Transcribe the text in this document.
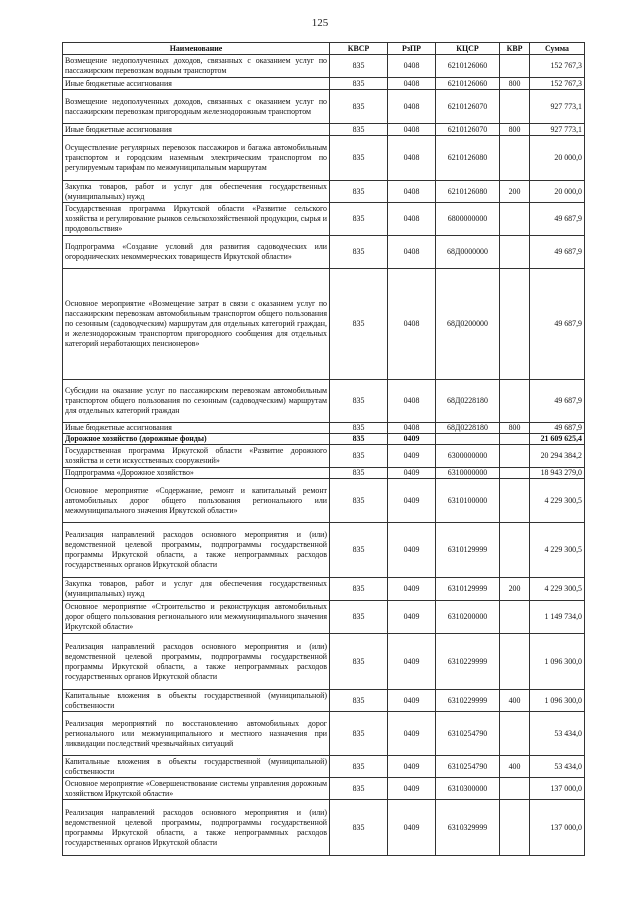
125
Наименование	КВСР	РзПР	КЦСР	КВР	Сумма
Возмещение недополученных доходов, связанных с оказанием услуг по пассажирским перевозкам водным транспортом	835	0408	6210126060		152 767,3
Иные бюджетные ассигнования	835	0408	6210126060	800	152 767,3
Возмещение недополученных доходов, связанных с оказанием услуг по пассажирским перевозкам пригородным железнодорожным транспортом	835	0408	6210126070		927 773,1
Иные бюджетные ассигнования	835	0408	6210126070	800	927 773,1
Осуществление регулярных перевозок пассажиров и багажа автомобильным транспортом и городским наземным электрическим транспортом по регулируемым тарифам по межмуниципальным маршрутам	835	0408	6210126080		20 000,0
Закупка товаров, работ и услуг для обеспечения государственных (муниципальных) нужд	835	0408	6210126080	200	20 000,0
Государственная программа Иркутской области «Развитие сельского хозяйства и регулирование рынков сельскохозяйственной продукции, сырья и продовольствия»	835	0408	6800000000		49 687,9
Подпрограмма «Создание условий для развития садоводческих или огороднических некоммерческих товариществ Иркутской области»	835	0408	68Д0000000		49 687,9
Основное мероприятие «Возмещение затрат в связи с оказанием услуг по пассажирским перевозкам автомобильным транспортом общего пользования по сезонным (садоводческим) маршрутам для отдельных категорий граждан, и железнодорожным транспортом пригородного сообщения для отдельных категорий неработающих пенсионеров»	835	0408	68Д0200000		49 687,9
Субсидии на оказание услуг по пассажирским перевозкам автомобильным транспортом общего пользования по сезонным (садоводческим) маршрутам для отдельных категорий граждан	835	0408	68Д0228180		49 687,9
Иные бюджетные ассигнования	835	0408	68Д0228180	800	49 687,9
Дорожное хозяйство (дорожные фонды)	835	0409			21 609 625,4
Государственная программа Иркутской области «Развитие дорожного хозяйства и сети искусственных сооружений»	835	0409	6300000000		20 294 384,2
Подпрограмма «Дорожное хозяйство»	835	0409	6310000000		18 943 279,0
Основное мероприятие «Содержание, ремонт и капитальный ремонт автомобильных дорог общего пользования регионального или межмуниципального значения Иркутской области»	835	0409	6310100000		4 229 300,5
Реализация направлений расходов основного мероприятия и (или) ведомственной целевой программы, подпрограммы государственной программы Иркутской области, а также непрограммных расходов государственных органов Иркутской области	835	0409	6310129999		4 229 300,5
Закупка товаров, работ и услуг для обеспечения государственных (муниципальных) нужд	835	0409	6310129999	200	4 229 300,5
Основное мероприятие «Строительство и реконструкция автомобильных дорог общего пользования регионального или межмуниципального значения Иркутской области»	835	0409	6310200000		1 149 734,0
Реализация направлений расходов основного мероприятия и (или) ведомственной целевой программы, подпрограммы государственной программы Иркутской области, а также непрограммных расходов государственных органов Иркутской области	835	0409	6310229999		1 096 300,0
Капитальные вложения в объекты государственной (муниципальной) собственности	835	0409	6310229999	400	1 096 300,0
Реализация мероприятий по восстановлению автомобильных дорог регионального или межмуниципального и местного назначения при ликвидации последствий чрезвычайных ситуаций	835	0409	6310254790		53 434,0
Капитальные вложения в объекты государственной (муниципальной) собственности	835	0409	6310254790	400	53 434,0
Основное мероприятие «Совершенствование системы управления дорожным хозяйством Иркутской области»	835	0409	6310300000		137 000,0
Реализация направлений расходов основного мероприятия и (или) ведомственной целевой программы, подпрограммы государственной программы Иркутской области, а также непрограммных расходов государственных органов Иркутской области	835	0409	6310329999		137 000,0
